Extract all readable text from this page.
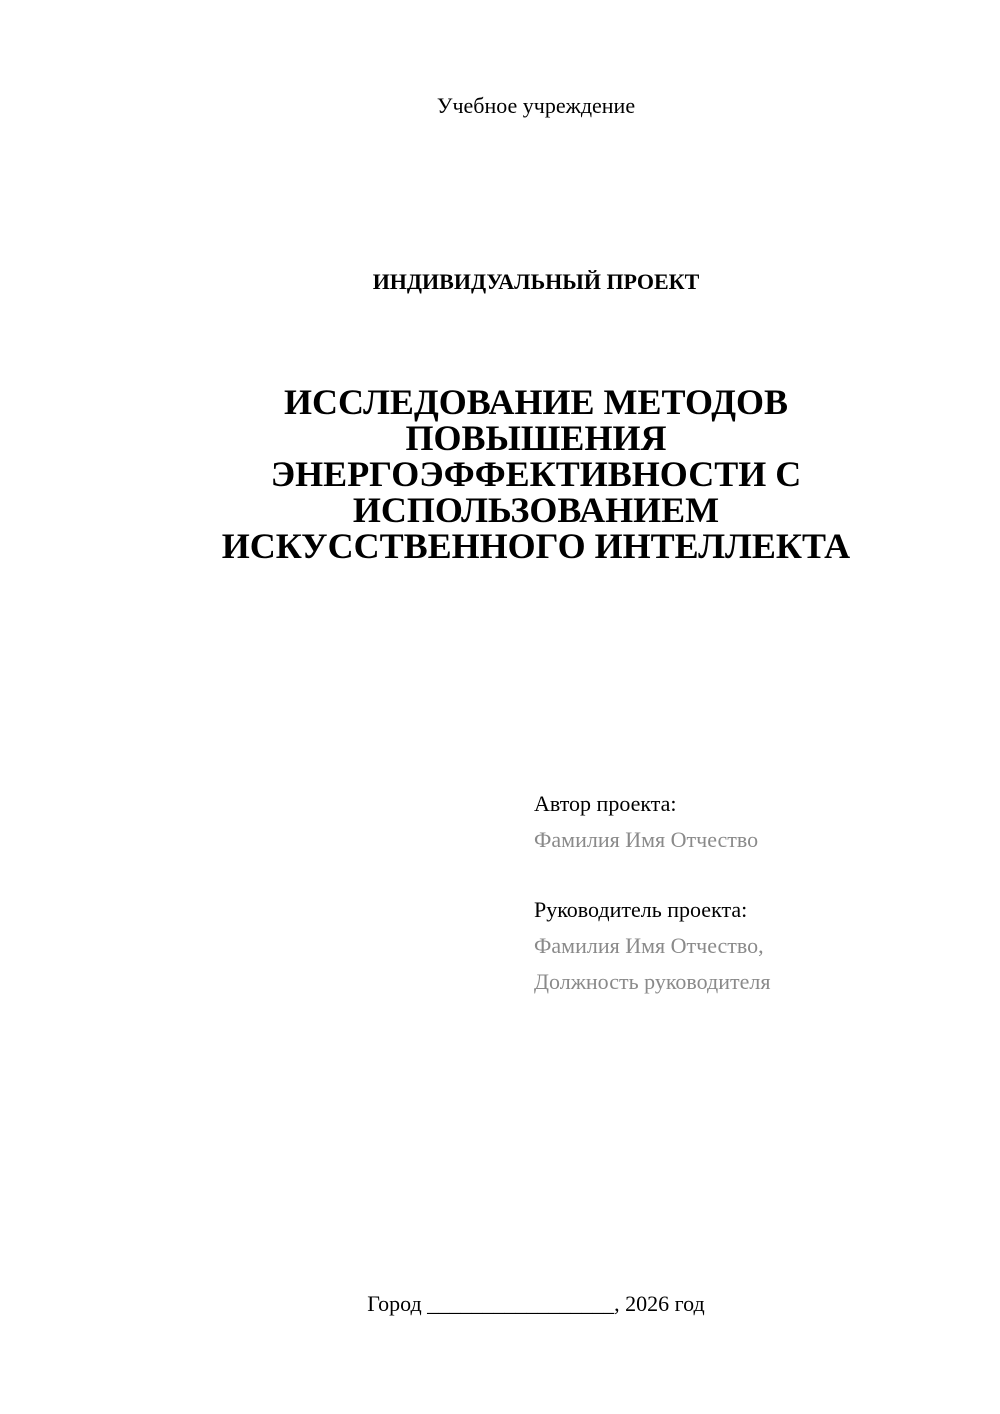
Учебное учреждение
ИНДИВИДУАЛЬНЫЙ ПРОЕКТ
ИССЛЕДОВАНИЕ МЕТОДОВ
ПОВЫШЕНИЯ
ЭНЕРГОЭФФЕКТИВНОСТИ С
ИСПОЛЬЗОВАНИЕМ
ИСКУССТВЕННОГО ИНТЕЛЛЕКТА
Автор проекта:
Фамилия Имя Отчество
Руководитель проекта:
Фамилия Имя Отчество,
Должность руководителя
Город _________________, 2026 год
